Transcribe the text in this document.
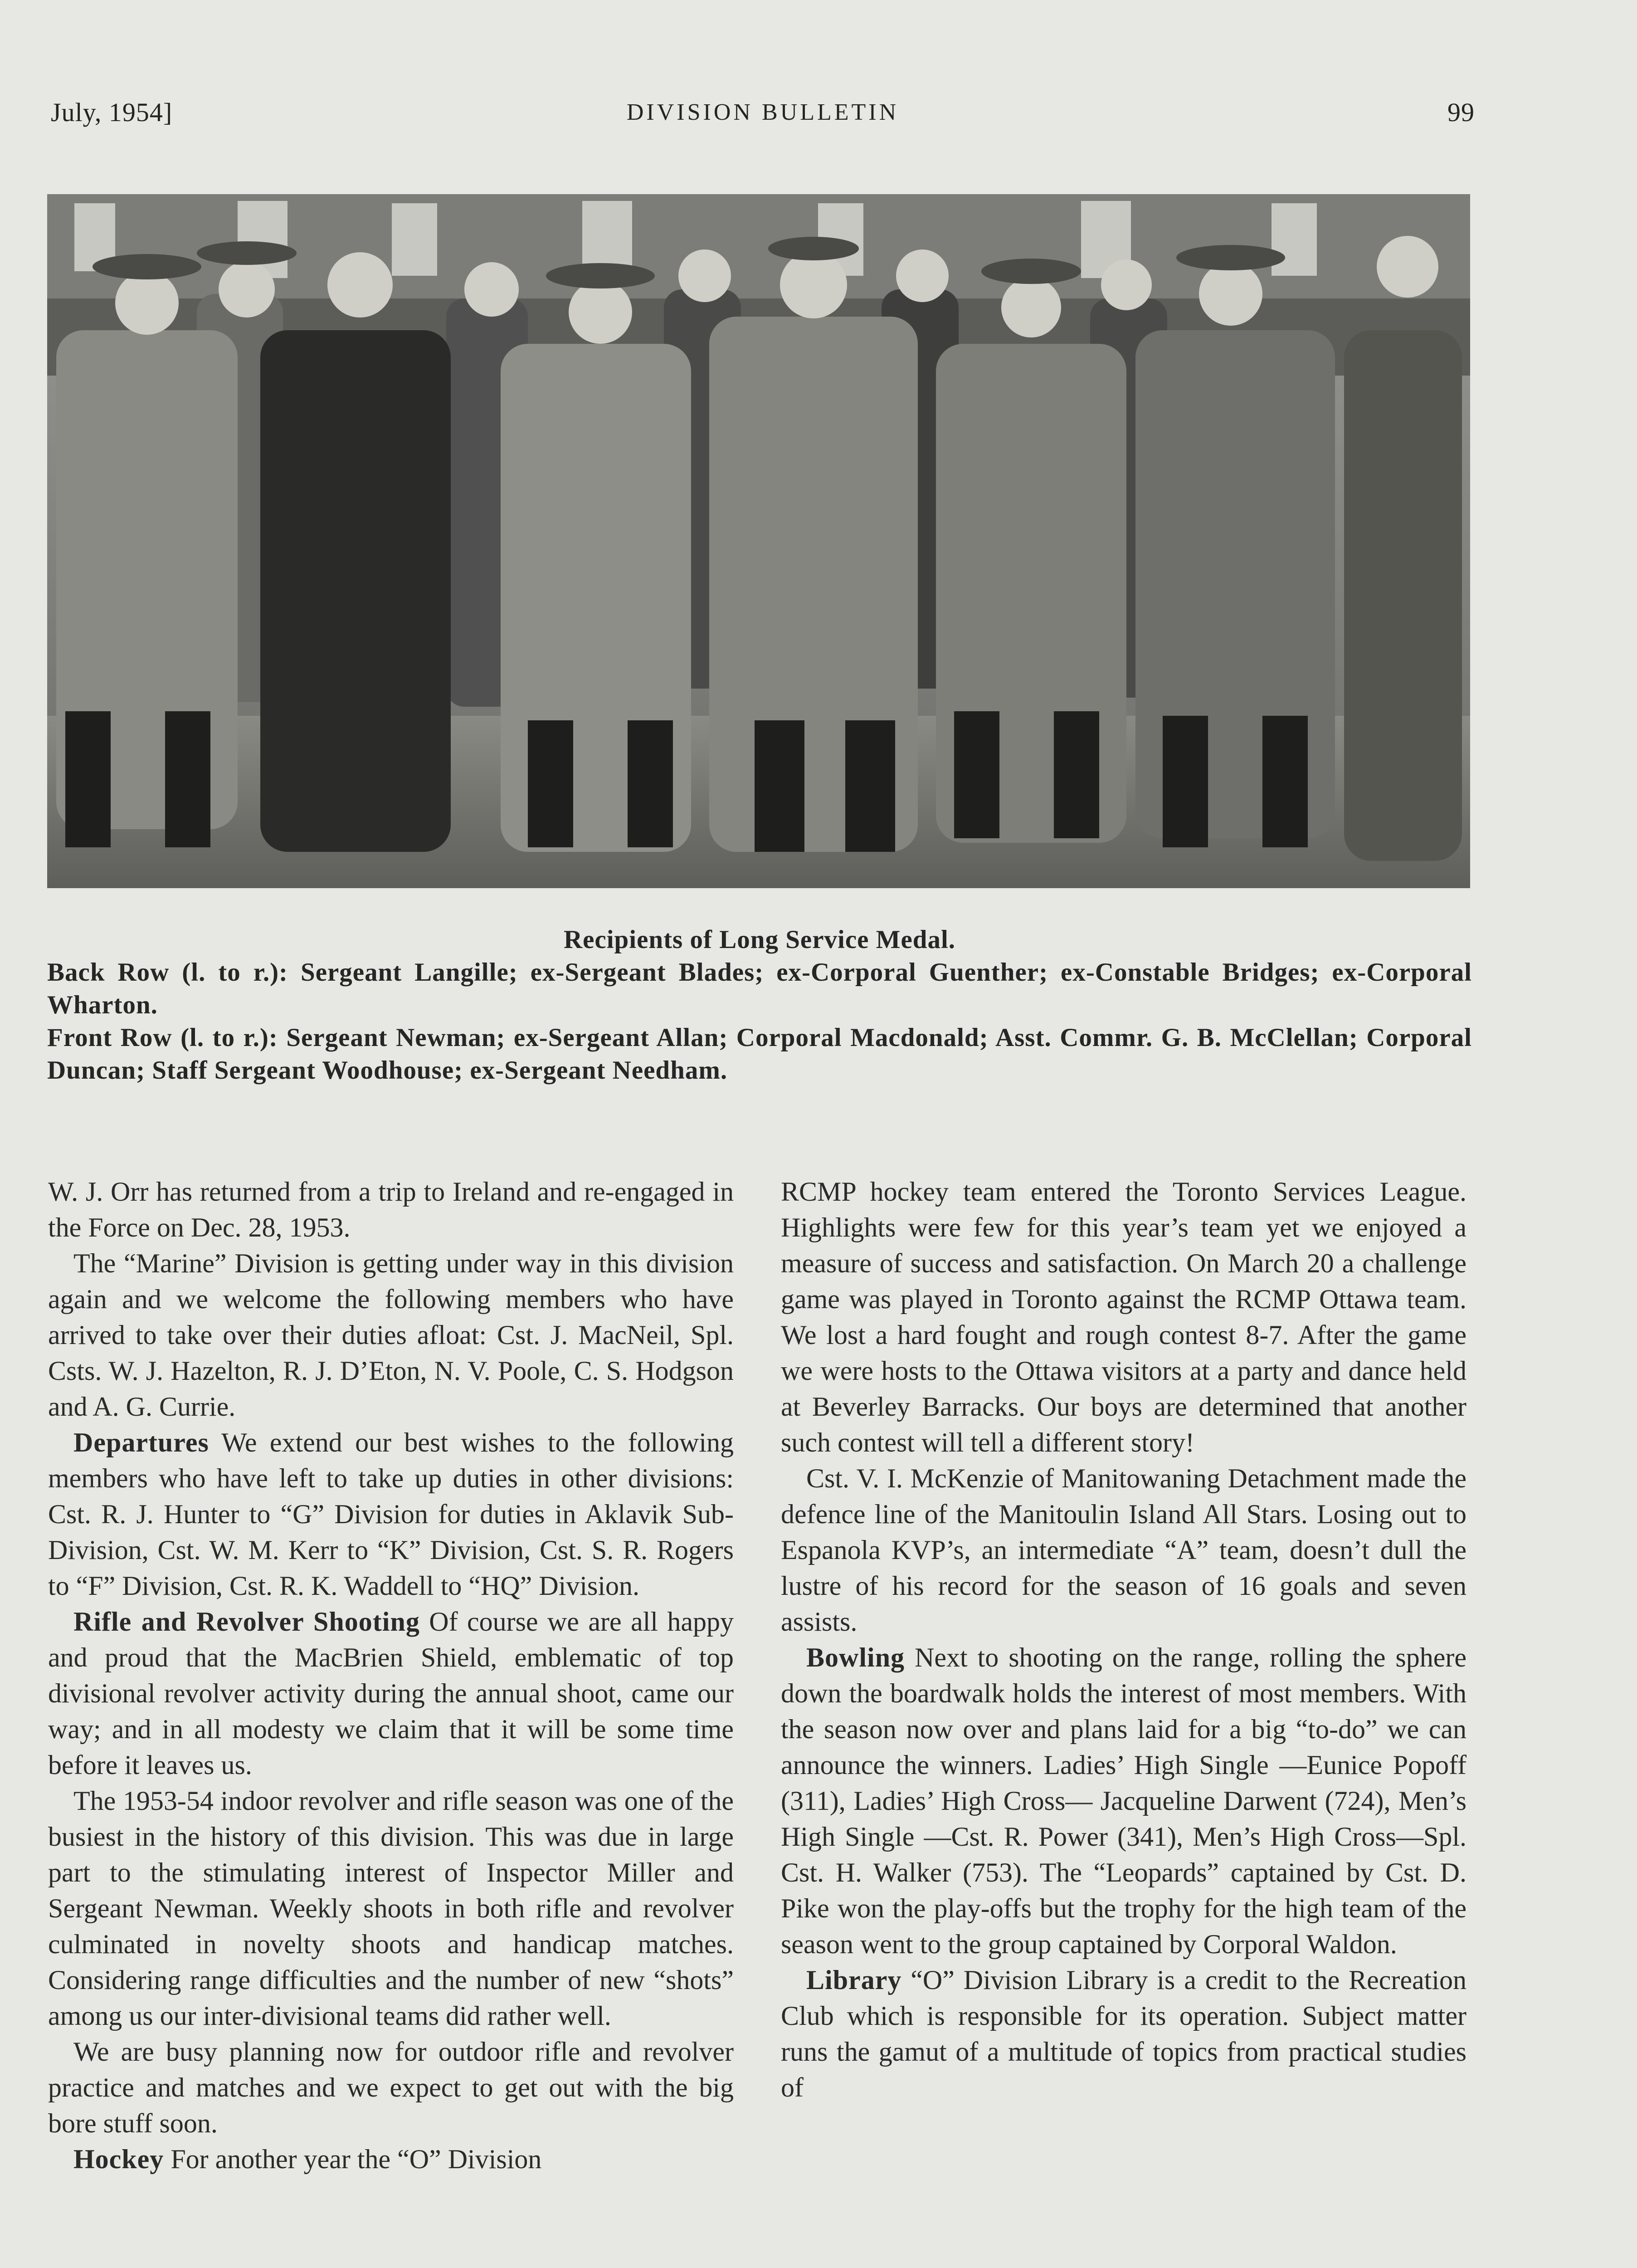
July, 1954]	DIVISION BULLETIN	99
Recipients of Long Service Medal.

Back Row (l. to r.): Sergeant Langille; ex-Sergeant Blades; ex-Corporal Guenther; ex-Constable Bridges; ex-Corporal Wharton.

Front Row (l. to r.): Sergeant Newman; ex-Sergeant Allan; Corporal Macdonald; Asst. Commr. G. B. McClellan; Corporal Duncan; Staff Sergeant Woodhouse; ex-Sergeant Needham.

W. J. Orr has returned from a trip to Ireland and re-engaged in the Force on Dec. 28, 1953.

The “Marine” Division is getting under way in this division again and we welcome the following members who have arrived to take over their duties afloat: Cst. J. MacNeil, Spl. Csts. W. J. Hazelton, R. J. D’Eton, N. V. Poole, C. S. Hodgson and A. G. Currie.

Departures We extend our best wishes to the following members who have left to take up duties in other divisions: Cst. R. J. Hunter to “G” Division for duties in Aklavik Sub-Division, Cst. W. M. Kerr to “K” Division, Cst. S. R. Rogers to “F” Division, Cst. R. K. Waddell to “HQ” Division.

Rifle and Revolver Shooting Of course we are all happy and proud that the MacBrien Shield, emblematic of top divisional revolver activity during the annual shoot, came our way; and in all modesty we claim that it will be some time before it leaves us.

The 1953-54 indoor revolver and rifle season was one of the busiest in the history of this division. This was due in large part to the stimulating interest of Inspector Miller and Sergeant Newman. Weekly shoots in both rifle and revolver culminated in novelty shoots and handicap matches. Considering range difficulties and the number of new “shots” among us our inter-divisional teams did rather well.

We are busy planning now for outdoor rifle and revolver practice and matches and we expect to get out with the big bore stuff soon.

Hockey For another year the “O” Division

RCMP hockey team entered the Toronto Services League. Highlights were few for this year’s team yet we enjoyed a measure of success and satisfaction. On March 20 a challenge game was played in Toronto against the RCMP Ottawa team. We lost a hard fought and rough contest 8-7. After the game we were hosts to the Ottawa visitors at a party and dance held at Beverley Barracks. Our boys are determined that another such contest will tell a different story!

Cst. V. I. McKenzie of Manitowaning Detachment made the defence line of the Manitoulin Island All Stars. Losing out to Espanola KVP’s, an intermediate “A” team, doesn’t dull the lustre of his record for the season of 16 goals and seven assists.

Bowling Next to shooting on the range, rolling the sphere down the boardwalk holds the interest of most members. With the season now over and plans laid for a big “to-do” we can announce the winners. Ladies’ High Single —Eunice Popoff (311), Ladies’ High Cross— Jacqueline Darwent (724), Men’s High Single —Cst. R. Power (341), Men’s High Cross—Spl. Cst. H. Walker (753). The “Leopards” captained by Cst. D. Pike won the play-offs but the trophy for the high team of the season went to the group captained by Corporal Waldon.

Library “O” Division Library is a credit to the Recreation Club which is responsible for its operation. Subject matter runs the gamut of a multitude of topics from practical studies of
